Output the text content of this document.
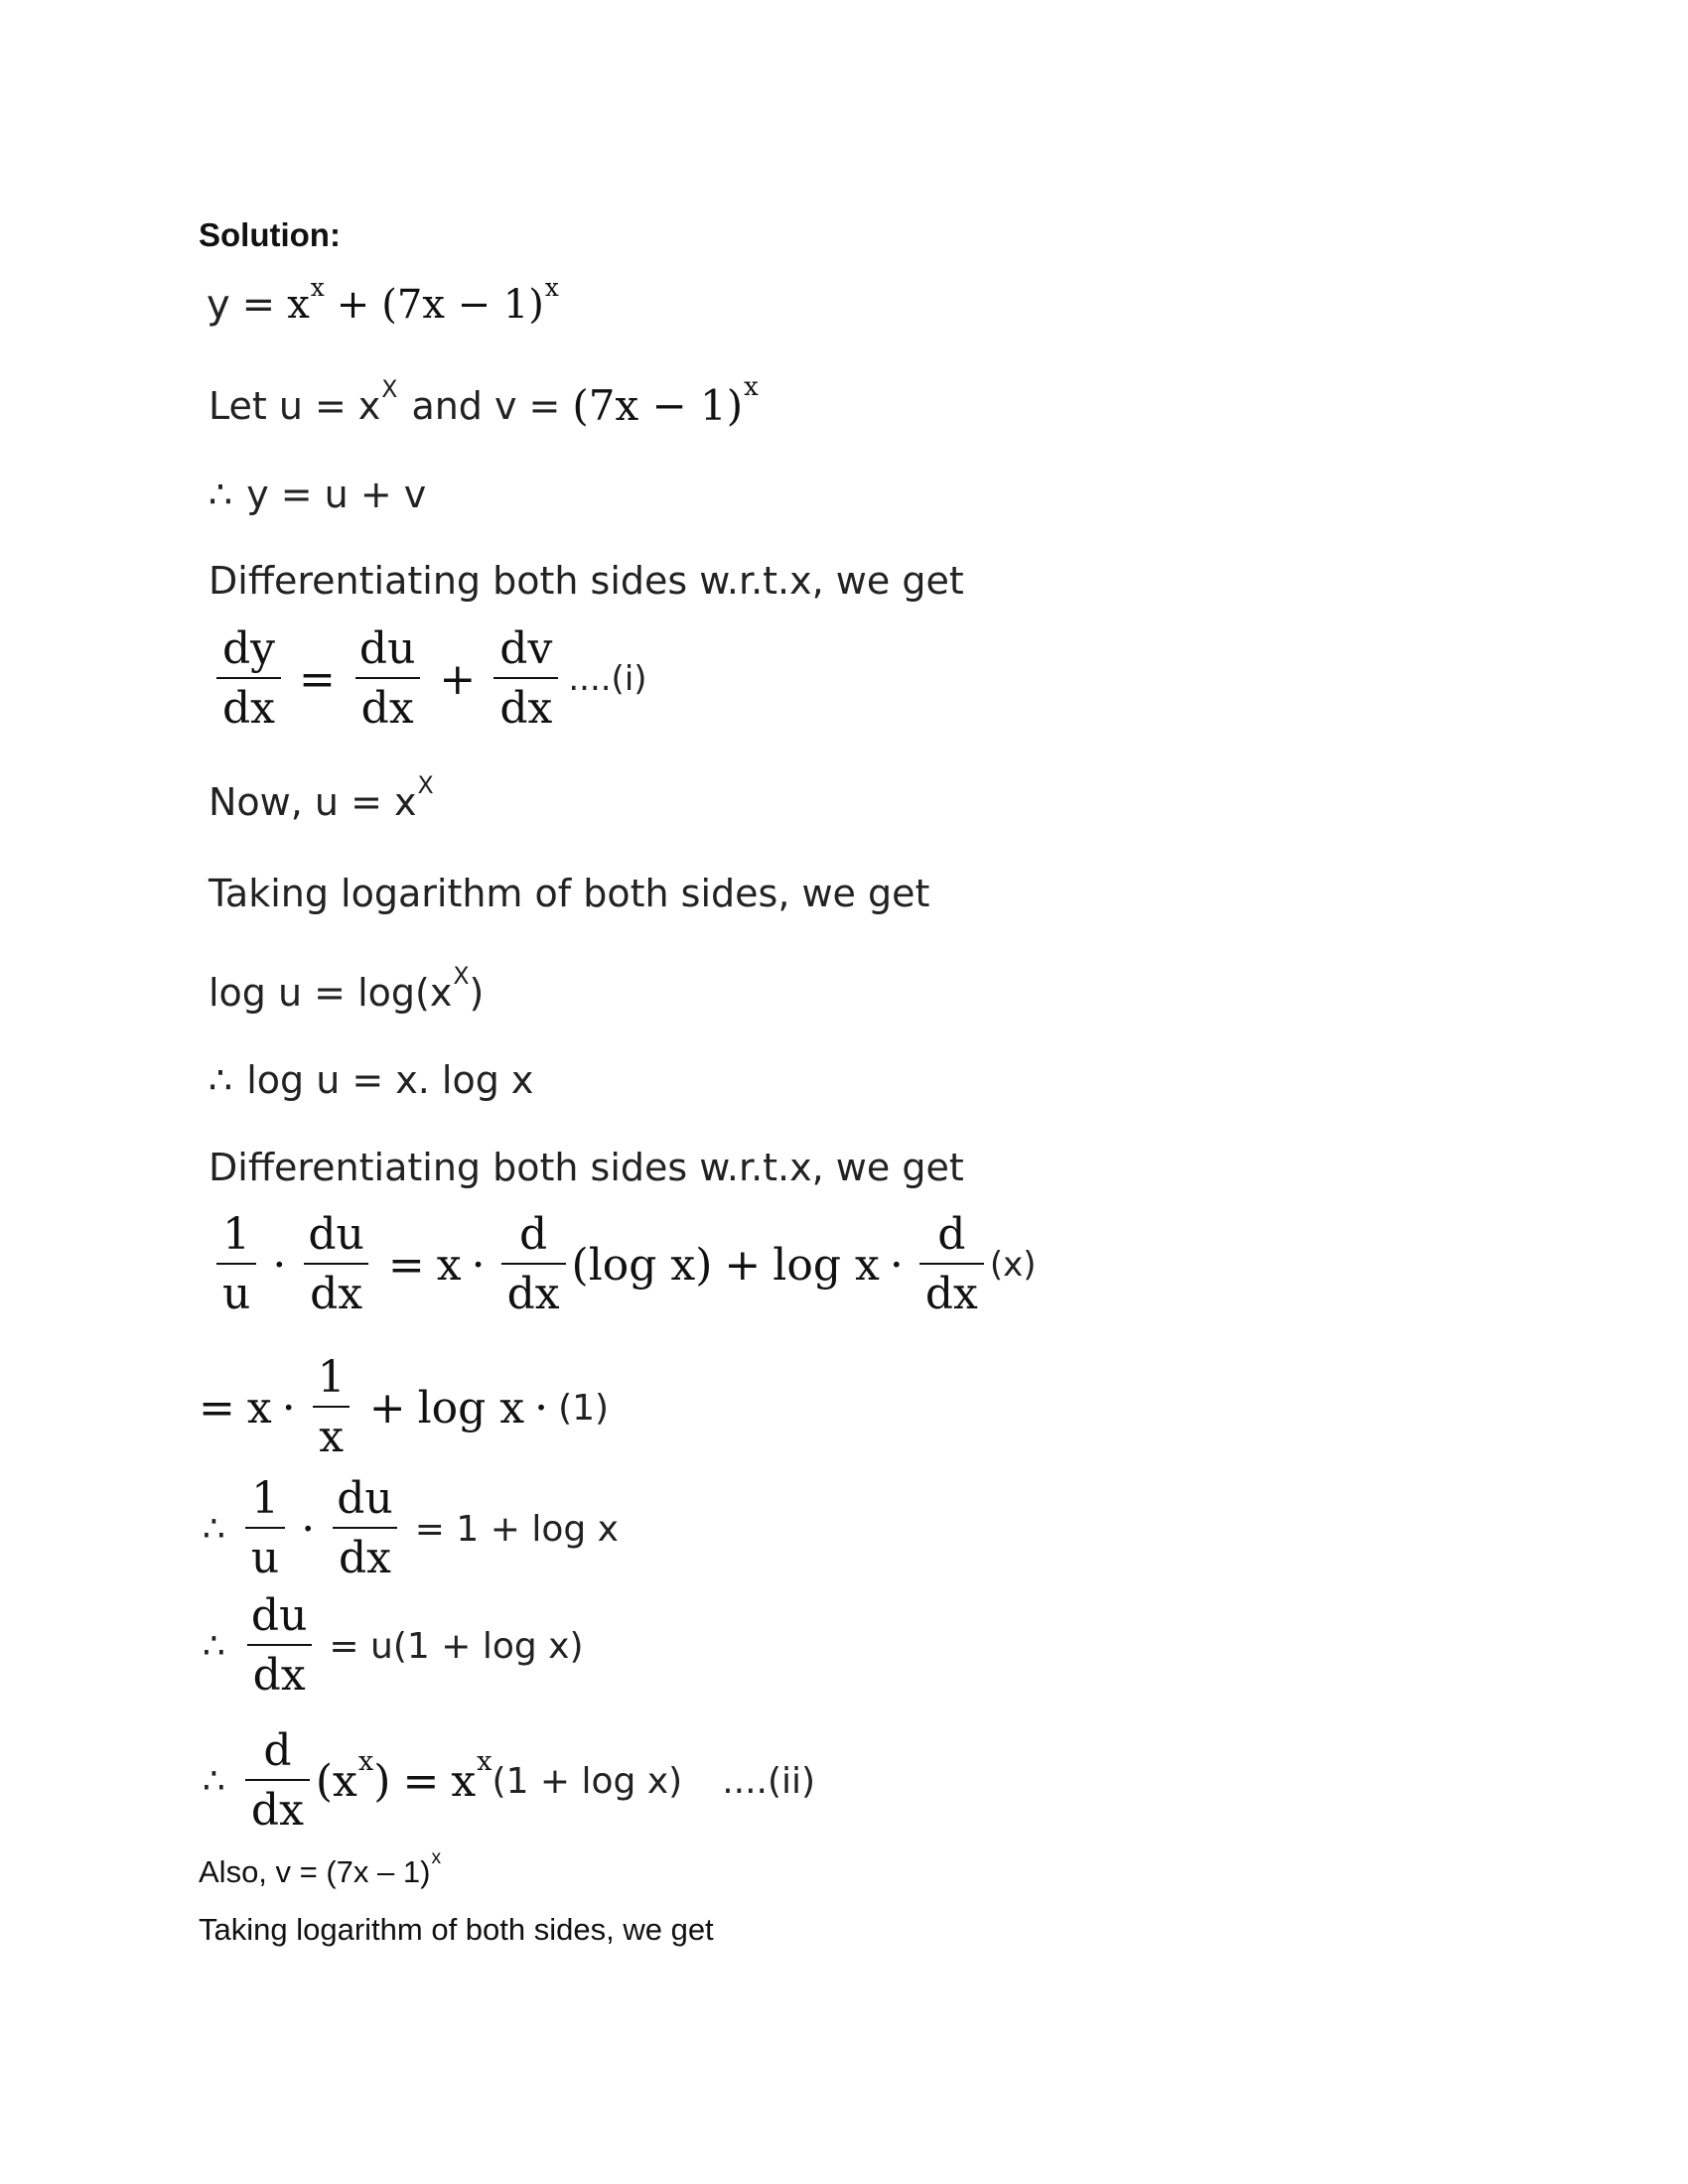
Solution:
y = x x + (7x − 1) x
Let u = x X and v = (7x − 1) x
∴ y = u + v
Differentiating both sides w.r.t.x, we get
$\frac{dy}{dx} = \frac{du}{dx} + \frac{dv}{dx} ....(i)$
Now, u = x X
Taking logarithm of both sides, we get
log u = log(x X )
∴ log u = x. log x
Differentiating both sides w.r.t.x, we get
$\frac{1}{u} \cdot \frac{du}{dx} = x \cdot \frac{d}{dx} (\log$ $x) + \log x \cdot \frac{d}{dx} (x)$
= $x \cdot \frac{1}{x} + \log x \cdot (1)$
∴ $\frac{1}{u} \cdot \frac{du}{dx} = 1 + \log x$
∴ $\frac{du}{dx} = u(1 + \log x)$
∴ $\frac{d}{dx} (x$ x ) = x x (1 + log x) ....(ii)
Also, v = (7x – 1) x
Taking logarithm of both sides, we get
